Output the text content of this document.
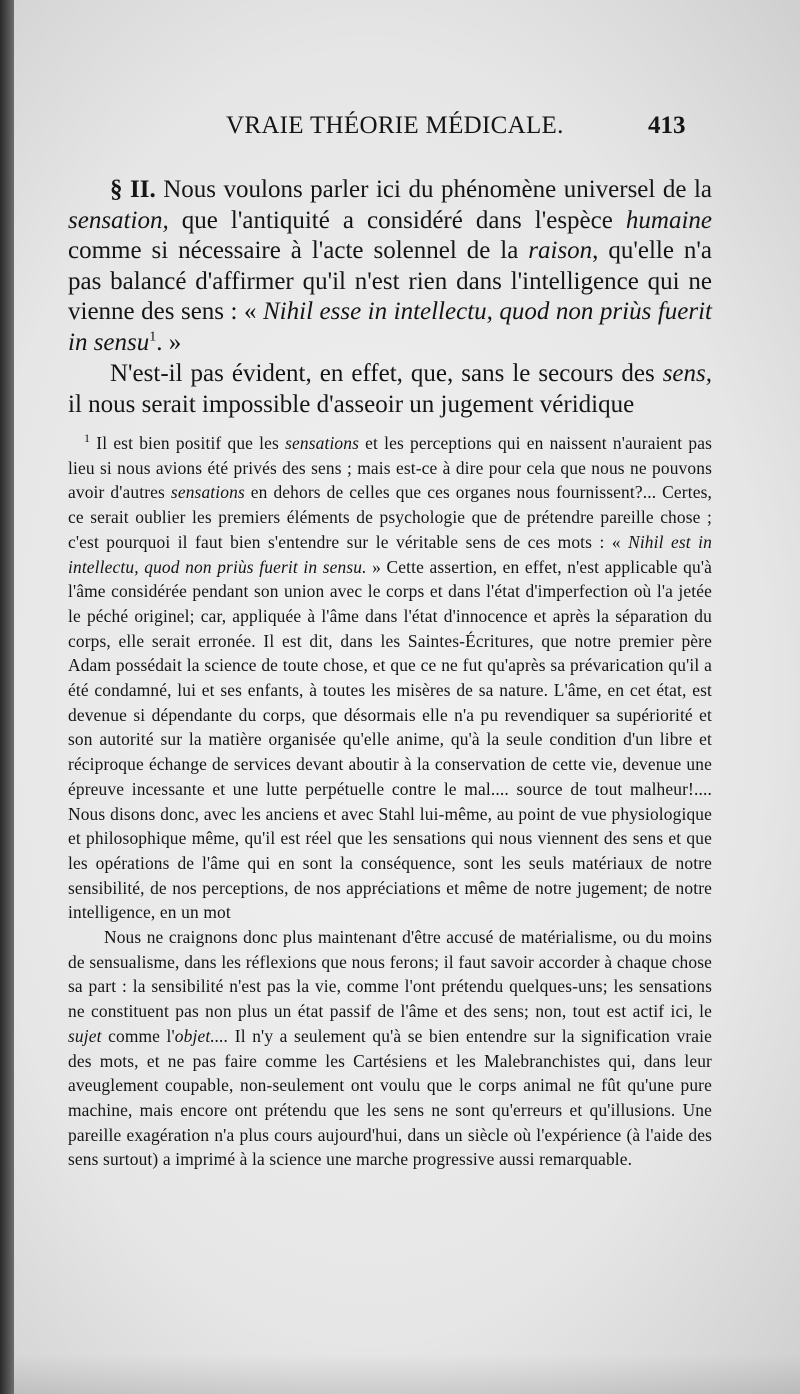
VRAIE THÉORIE MÉDICALE.	413

§ II. Nous voulons parler ici du phénomène universel de la sensation, que l'antiquité a considéré dans l'espèce humaine comme si nécessaire à l'acte solennel de la raison, qu'elle n'a pas balancé d'affirmer qu'il n'est rien dans l'intelligence qui ne vienne des sens : « Nihil esse in intellectu, quod non priùs fuerit in sensu$^1$. »

N'est-il pas évident, en effet, que, sans le secours des sens, il nous serait impossible d'asseoir un jugement véridique

$^1$ Il est bien positif que les sensations et les perceptions qui en naissent n'auraient pas lieu si nous avions été privés des sens ; mais est-ce à dire pour cela que nous ne pouvons avoir d'autres sensations en dehors de celles que ces organes nous fournissent?... Certes, ce serait oublier les premiers éléments de psychologie que de prétendre pareille chose ; c'est pourquoi il faut bien s'entendre sur le véritable sens de ces mots : « Nihil est in intellectu, quod non priùs fuerit in sensu. » Cette assertion, en effet, n'est applicable qu'à l'âme considérée pendant son union avec le corps et dans l'état d'imperfection où l'a jetée le péché originel; car, appliquée à l'âme dans l'état d'innocence et après la séparation du corps, elle serait erronée. Il est dit, dans les Saintes-Écritures, que notre premier père Adam possédait la science de toute chose, et que ce ne fut qu'après sa prévarication qu'il a été condamné, lui et ses enfants, à toutes les misères de sa nature. L'âme, en cet état, est devenue si dépendante du corps, que désormais elle n'a pu revendiquer sa supériorité et son autorité sur la matière organisée qu'elle anime, qu'à la seule condition d'un libre et réciproque échange de services devant aboutir à la conservation de cette vie, devenue une épreuve incessante et une lutte perpétuelle contre le mal.... source de tout malheur!.... Nous disons donc, avec les anciens et avec Stahl lui-même, au point de vue physiologique et philosophique même, qu'il est réel que les sensations qui nous viennent des sens et que les opérations de l'âme qui en sont la conséquence, sont les seuls matériaux de notre sensibilité, de nos perceptions, de nos appréciations et même de notre jugement; de notre intelligence, en un mot

Nous ne craignons donc plus maintenant d'être accusé de matérialisme, ou du moins de sensualisme, dans les réflexions que nous ferons; il faut savoir accorder à chaque chose sa part : la sensibilité n'est pas la vie, comme l'ont prétendu quelques-uns; les sensations ne constituent pas non plus un état passif de l'âme et des sens; non, tout est actif ici, le sujet comme l'objet.... Il n'y a seulement qu'à se bien entendre sur la signification vraie des mots, et ne pas faire comme les Cartésiens et les Malebranchistes qui, dans leur aveuglement coupable, non-seulement ont voulu que le corps animal ne fût qu'une pure machine, mais encore ont prétendu que les sens ne sont qu'erreurs et qu'illusions. Une pareille exagération n'a plus cours aujourd'hui, dans un siècle où l'expérience (à l'aide des sens surtout) a imprimé à la science une marche progressive aussi remarquable.
